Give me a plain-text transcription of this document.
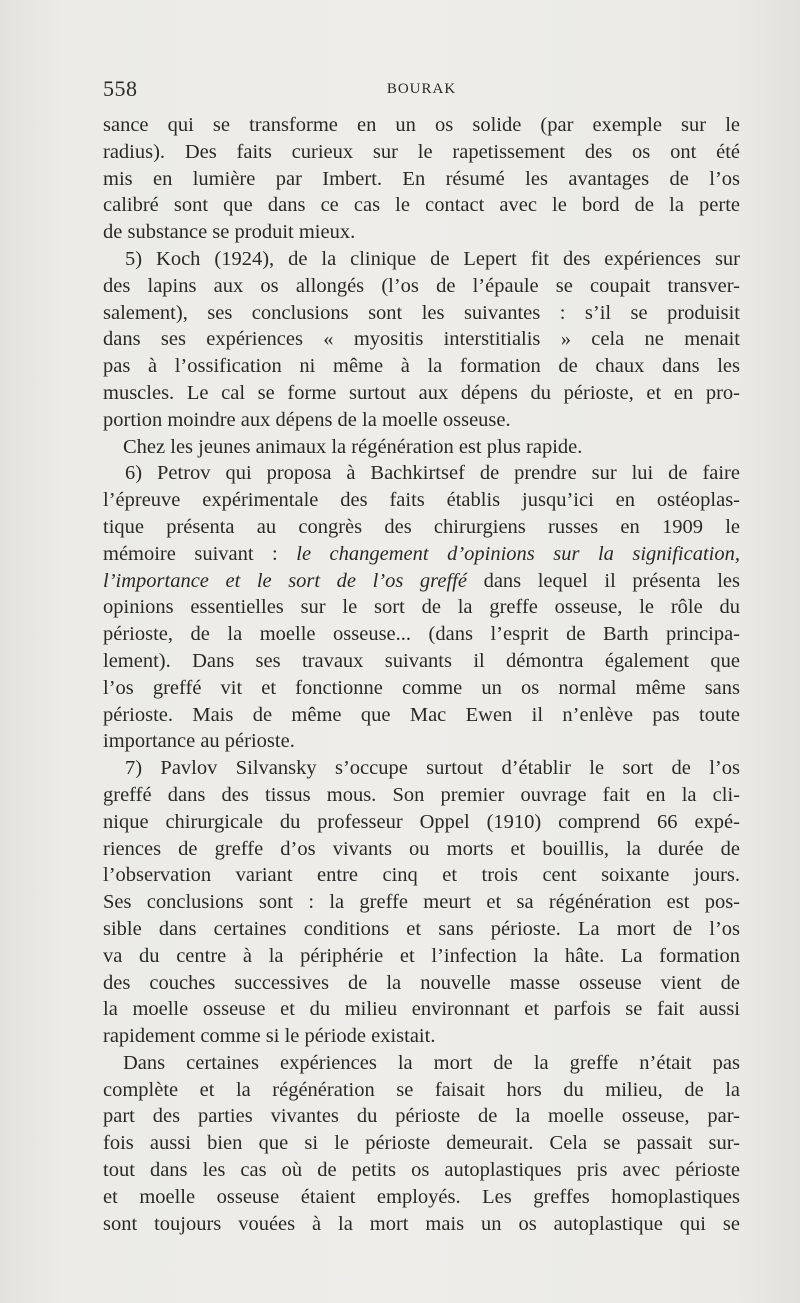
558	BOURAK
sance qui se transforme en un os solide (par exemple sur le
radius). Des faits curieux sur le rapetissement des os ont été
mis en lumière par Imbert. En résumé les avantages de l’os
calibré sont que dans ce cas le contact avec le bord de la perte
de substance se produit mieux.
5) Koch (1924), de la clinique de Lepert fit des expériences sur
des lapins aux os allongés (l’os de l’épaule se coupait transver-
salement), ses conclusions sont les suivantes : s’il se produisit
dans ses expériences « myositis interstitialis » cela ne menait
pas à l’ossification ni même à la formation de chaux dans les
muscles. Le cal se forme surtout aux dépens du périoste, et en pro-
portion moindre aux dépens de la moelle osseuse.
Chez les jeunes animaux la régénération est plus rapide.
6) Petrov qui proposa à Bachkirtsef de prendre sur lui de faire
l’épreuve expérimentale des faits établis jusqu’ici en ostéoplas-
tique présenta au congrès des chirurgiens russes en 1909 le
mémoire suivant : le changement d’opinions sur la signification,
l’importance et le sort de l’os greffé dans lequel il présenta les
opinions essentielles sur le sort de la greffe osseuse, le rôle du
périoste, de la moelle osseuse... (dans l’esprit de Barth principa-
lement). Dans ses travaux suivants il démontra également que
l’os greffé vit et fonctionne comme un os normal même sans
périoste. Mais de même que Mac Ewen il n’enlève pas toute
importance au périoste.
7) Pavlov Silvansky s’occupe surtout d’établir le sort de l’os
greffé dans des tissus mous. Son premier ouvrage fait en la cli-
nique chirurgicale du professeur Oppel (1910) comprend 66 expé-
riences de greffe d’os vivants ou morts et bouillis, la durée de
l’observation variant entre cinq et trois cent soixante jours.
Ses conclusions sont : la greffe meurt et sa régénération est pos-
sible dans certaines conditions et sans périoste. La mort de l’os
va du centre à la périphérie et l’infection la hâte. La formation
des couches successives de la nouvelle masse osseuse vient de
la moelle osseuse et du milieu environnant et parfois se fait aussi
rapidement comme si le période existait.
Dans certaines expériences la mort de la greffe n’était pas
complète et la régénération se faisait hors du milieu, de la
part des parties vivantes du périoste de la moelle osseuse, par-
fois aussi bien que si le périoste demeurait. Cela se passait sur-
tout dans les cas où de petits os autoplastiques pris avec périoste
et moelle osseuse étaient employés. Les greffes homoplastiques
sont toujours vouées à la mort mais un os autoplastique qui se
